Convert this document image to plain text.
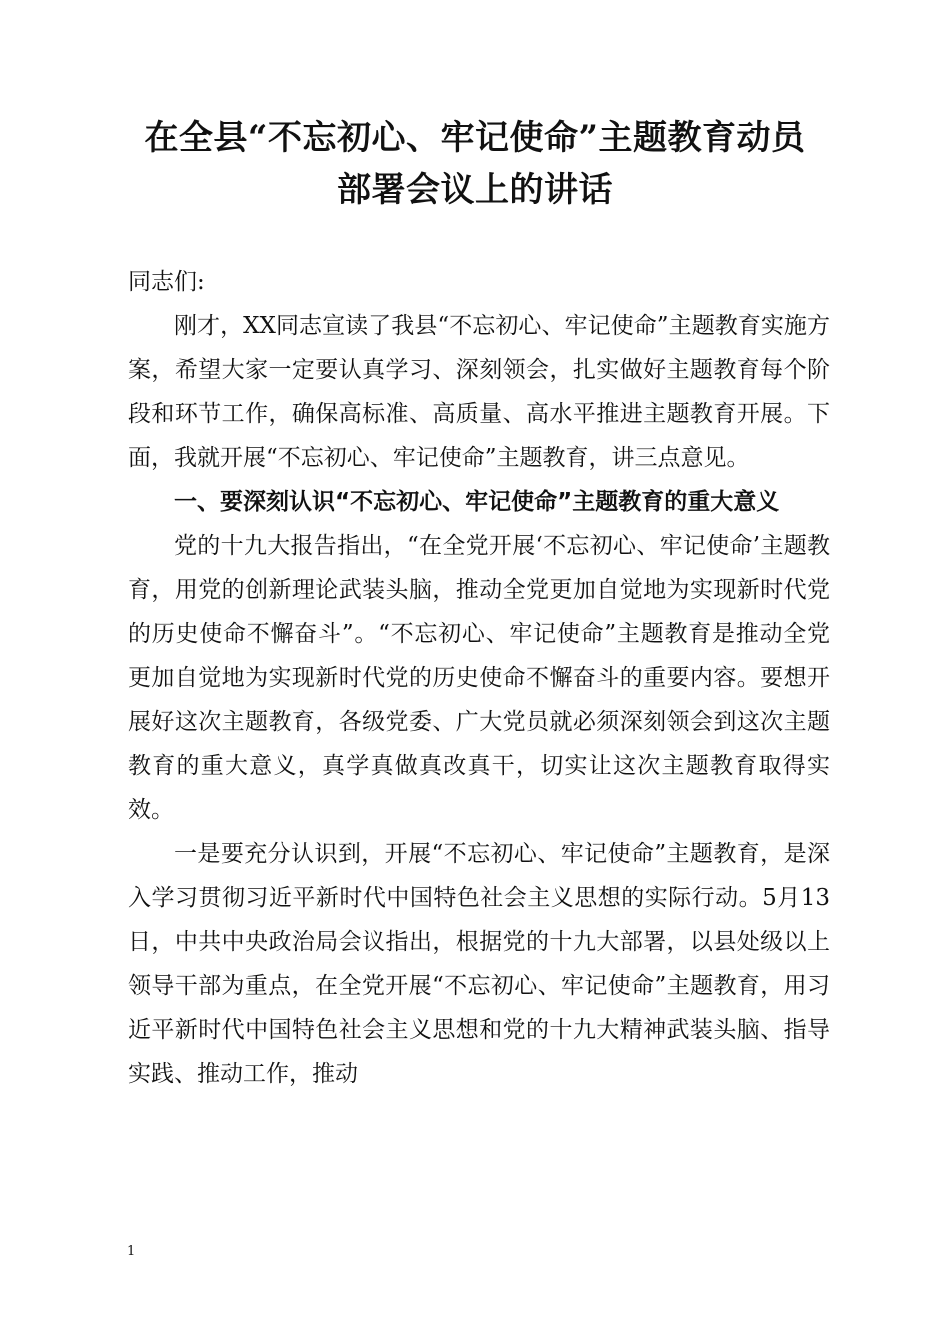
在全县“不忘初心、牢记使命”主题教育动员
部署会议上的讲话

同志们:

刚才，XX同志宣读了我县“不忘初心、牢记使命”主题教育实施方案，希望大家一定要认真学习、深刻领会，扎实做好主题教育每个阶段和环节工作，确保高标准、高质量、高水平推进主题教育开展。下面，我就开展“不忘初心、牢记使命”主题教育，讲三点意见。

一、要深刻认识“不忘初心、牢记使命”主题教育的重大意义

党的十九大报告指出，“在全党开展‘不忘初心、牢记使命’主题教育，用党的创新理论武装头脑，推动全党更加自觉地为实现新时代党的历史使命不懈奋斗”。“不忘初心、牢记使命”主题教育是推动全党更加自觉地为实现新时代党的历史使命不懈奋斗的重要内容。要想开展好这次主题教育，各级党委、广大党员就必须深刻领会到这次主题教育的重大意义，真学真做真改真干，切实让这次主题教育取得实效。

一是要充分认识到，开展“不忘初心、牢记使命”主题教育，是深入学习贯彻习近平新时代中国特色社会主义思想的实际行动。5月13日，中共中央政治局会议指出，根据党的十九大部署，以县处级以上领导干部为重点，在全党开展“不忘初心、牢记使命”主题教育，用习近平新时代中国特色社会主义思想和党的十九大精神武装头脑、指导实践、推动工作，推动

1
